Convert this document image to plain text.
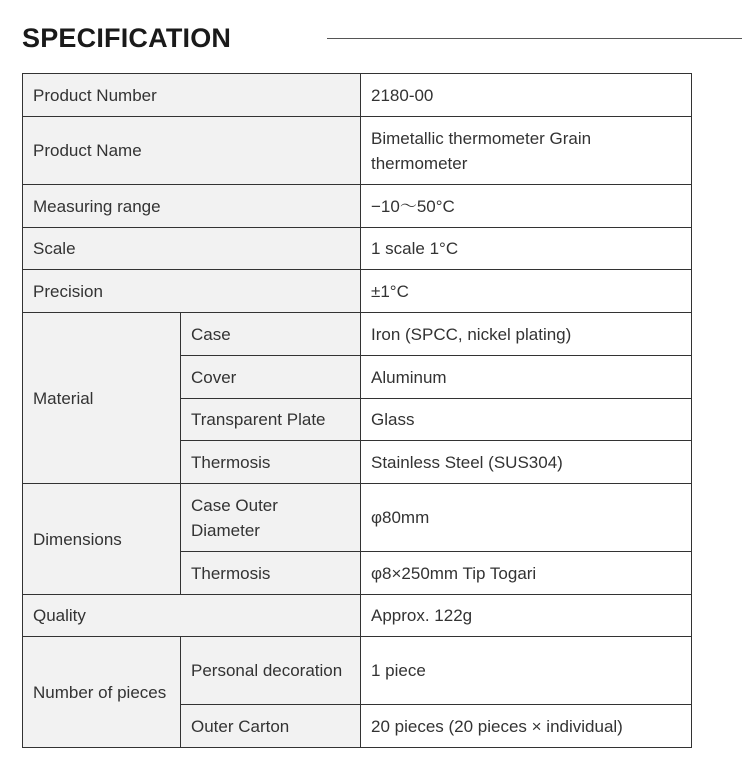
SPECIFICATION
Product Number		2180-00
Product Name		Bimetallic thermometer Grain thermometer
Measuring range		−10〜50°C
Scale		1 scale 1°C
Precision		±1°C
Material	Case	Iron (SPCC, nickel plating)
	Cover	Aluminum
	Transparent Plate	Glass
	Thermosis	Stainless Steel (SUS304)
Dimensions	Case Outer Diameter	φ80mm
	Thermosis	φ8×250mm Tip Togari
Quality		Approx. 122g
Number of pieces	Personal decoration	1 piece
	Outer Carton	20 pieces (20 pieces × individual)
